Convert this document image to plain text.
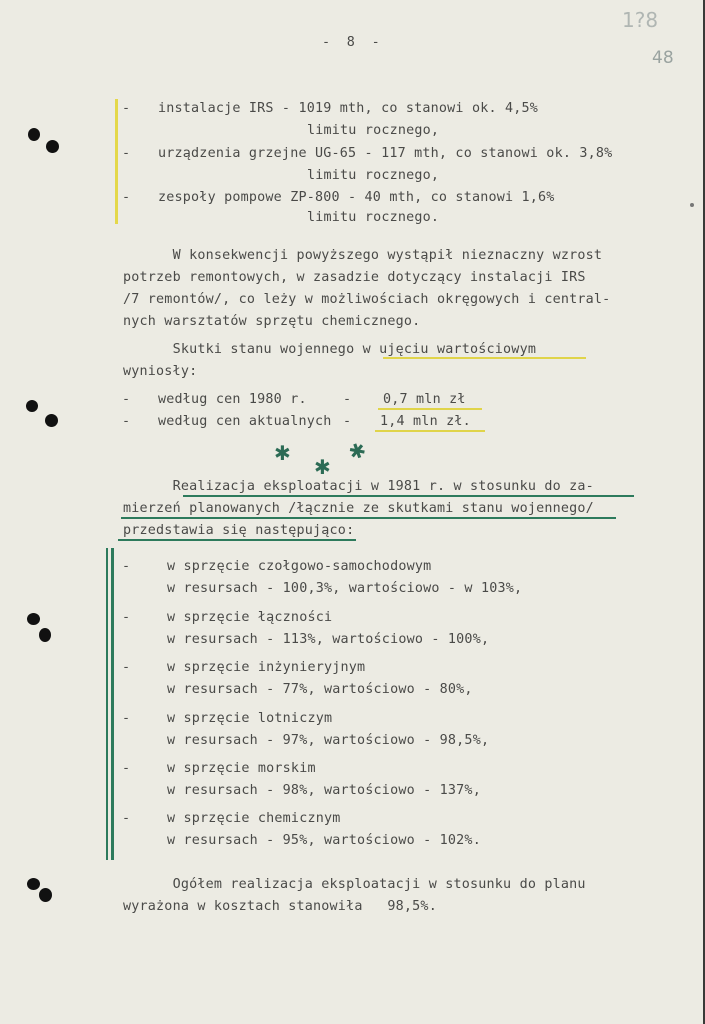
1?8
48
-  8  -
- instalacje IRS - 1019 mth, co stanowi ok. 4,5%
limitu rocznego,
- urządzenia grzejne UG-65 - 117 mth, co stanowi ok. 3,8%
limitu rocznego,
- zespoły pompowe ZP-800 - 40 mth, co stanowi 1,6%
limitu rocznego.
W konsekwencji powyższego wystąpił nieznaczny wzrost
potrzeb remontowych, w zasadzie dotyczący instalacji IRS
/7 remontów/, co leży w możliwościach okręgowych i central-
nych warsztatów sprzętu chemicznego.
Skutki stanu wojennego w ujęciu wartościowym
wyniosły:
- według cen 1980 r.	- 0,7 mln zł
- według cen aktualnych - 1,4 mln zł.
✱
✱
✱
Realizacja eksploatacji w 1981 r. w stosunku do za-
mierzeń planowanych /łącznie ze skutkami stanu wojennego/
przedstawia się następująco:
-	w sprzęcie czołgowo-samochodowym
w resursach - 100,3%, wartościowo - w 103%,
-	w sprzęcie łączności
w resursach - 113%, wartościowo - 100%,
-	w sprzęcie inżynieryjnym
w resursach - 77%, wartościowo - 80%,
-	w sprzęcie lotniczym
w resursach - 97%, wartościowo - 98,5%,
-	w sprzęcie morskim
w resursach - 98%, wartościowo - 137%,
-	w sprzęcie chemicznym
w resursach - 95%, wartościowo - 102%.
Ogółem realizacja eksploatacji w stosunku do planu
wyrażona w kosztach stanowiła   98,5%.
